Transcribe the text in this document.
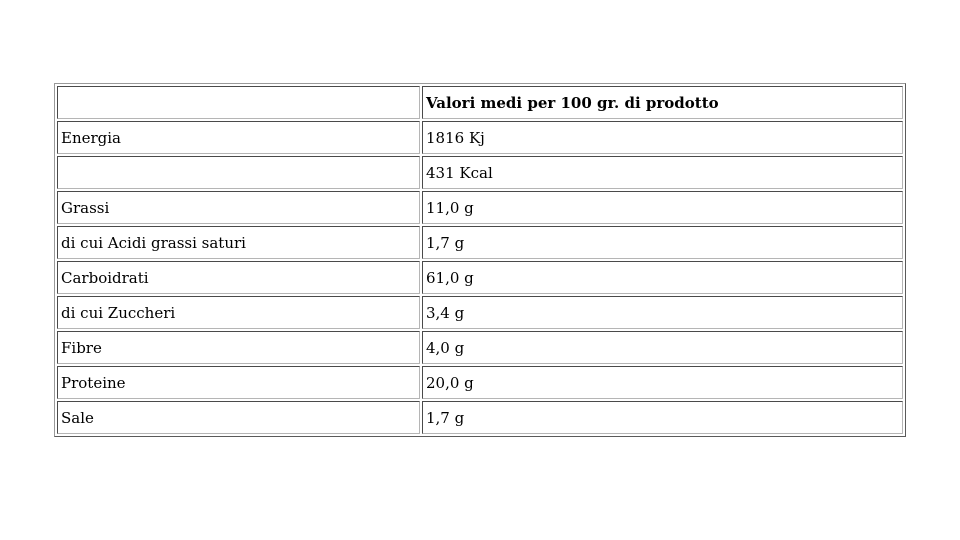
	Valori medi per 100 gr. di prodotto
Energia	1816 Kj
	431 Kcal
Grassi	11,0 g
di cui Acidi grassi saturi	1,7 g
Carboidrati	61,0 g
di cui Zuccheri	3,4 g
Fibre	4,0 g
Proteine	20,0 g
Sale	1,7 g
